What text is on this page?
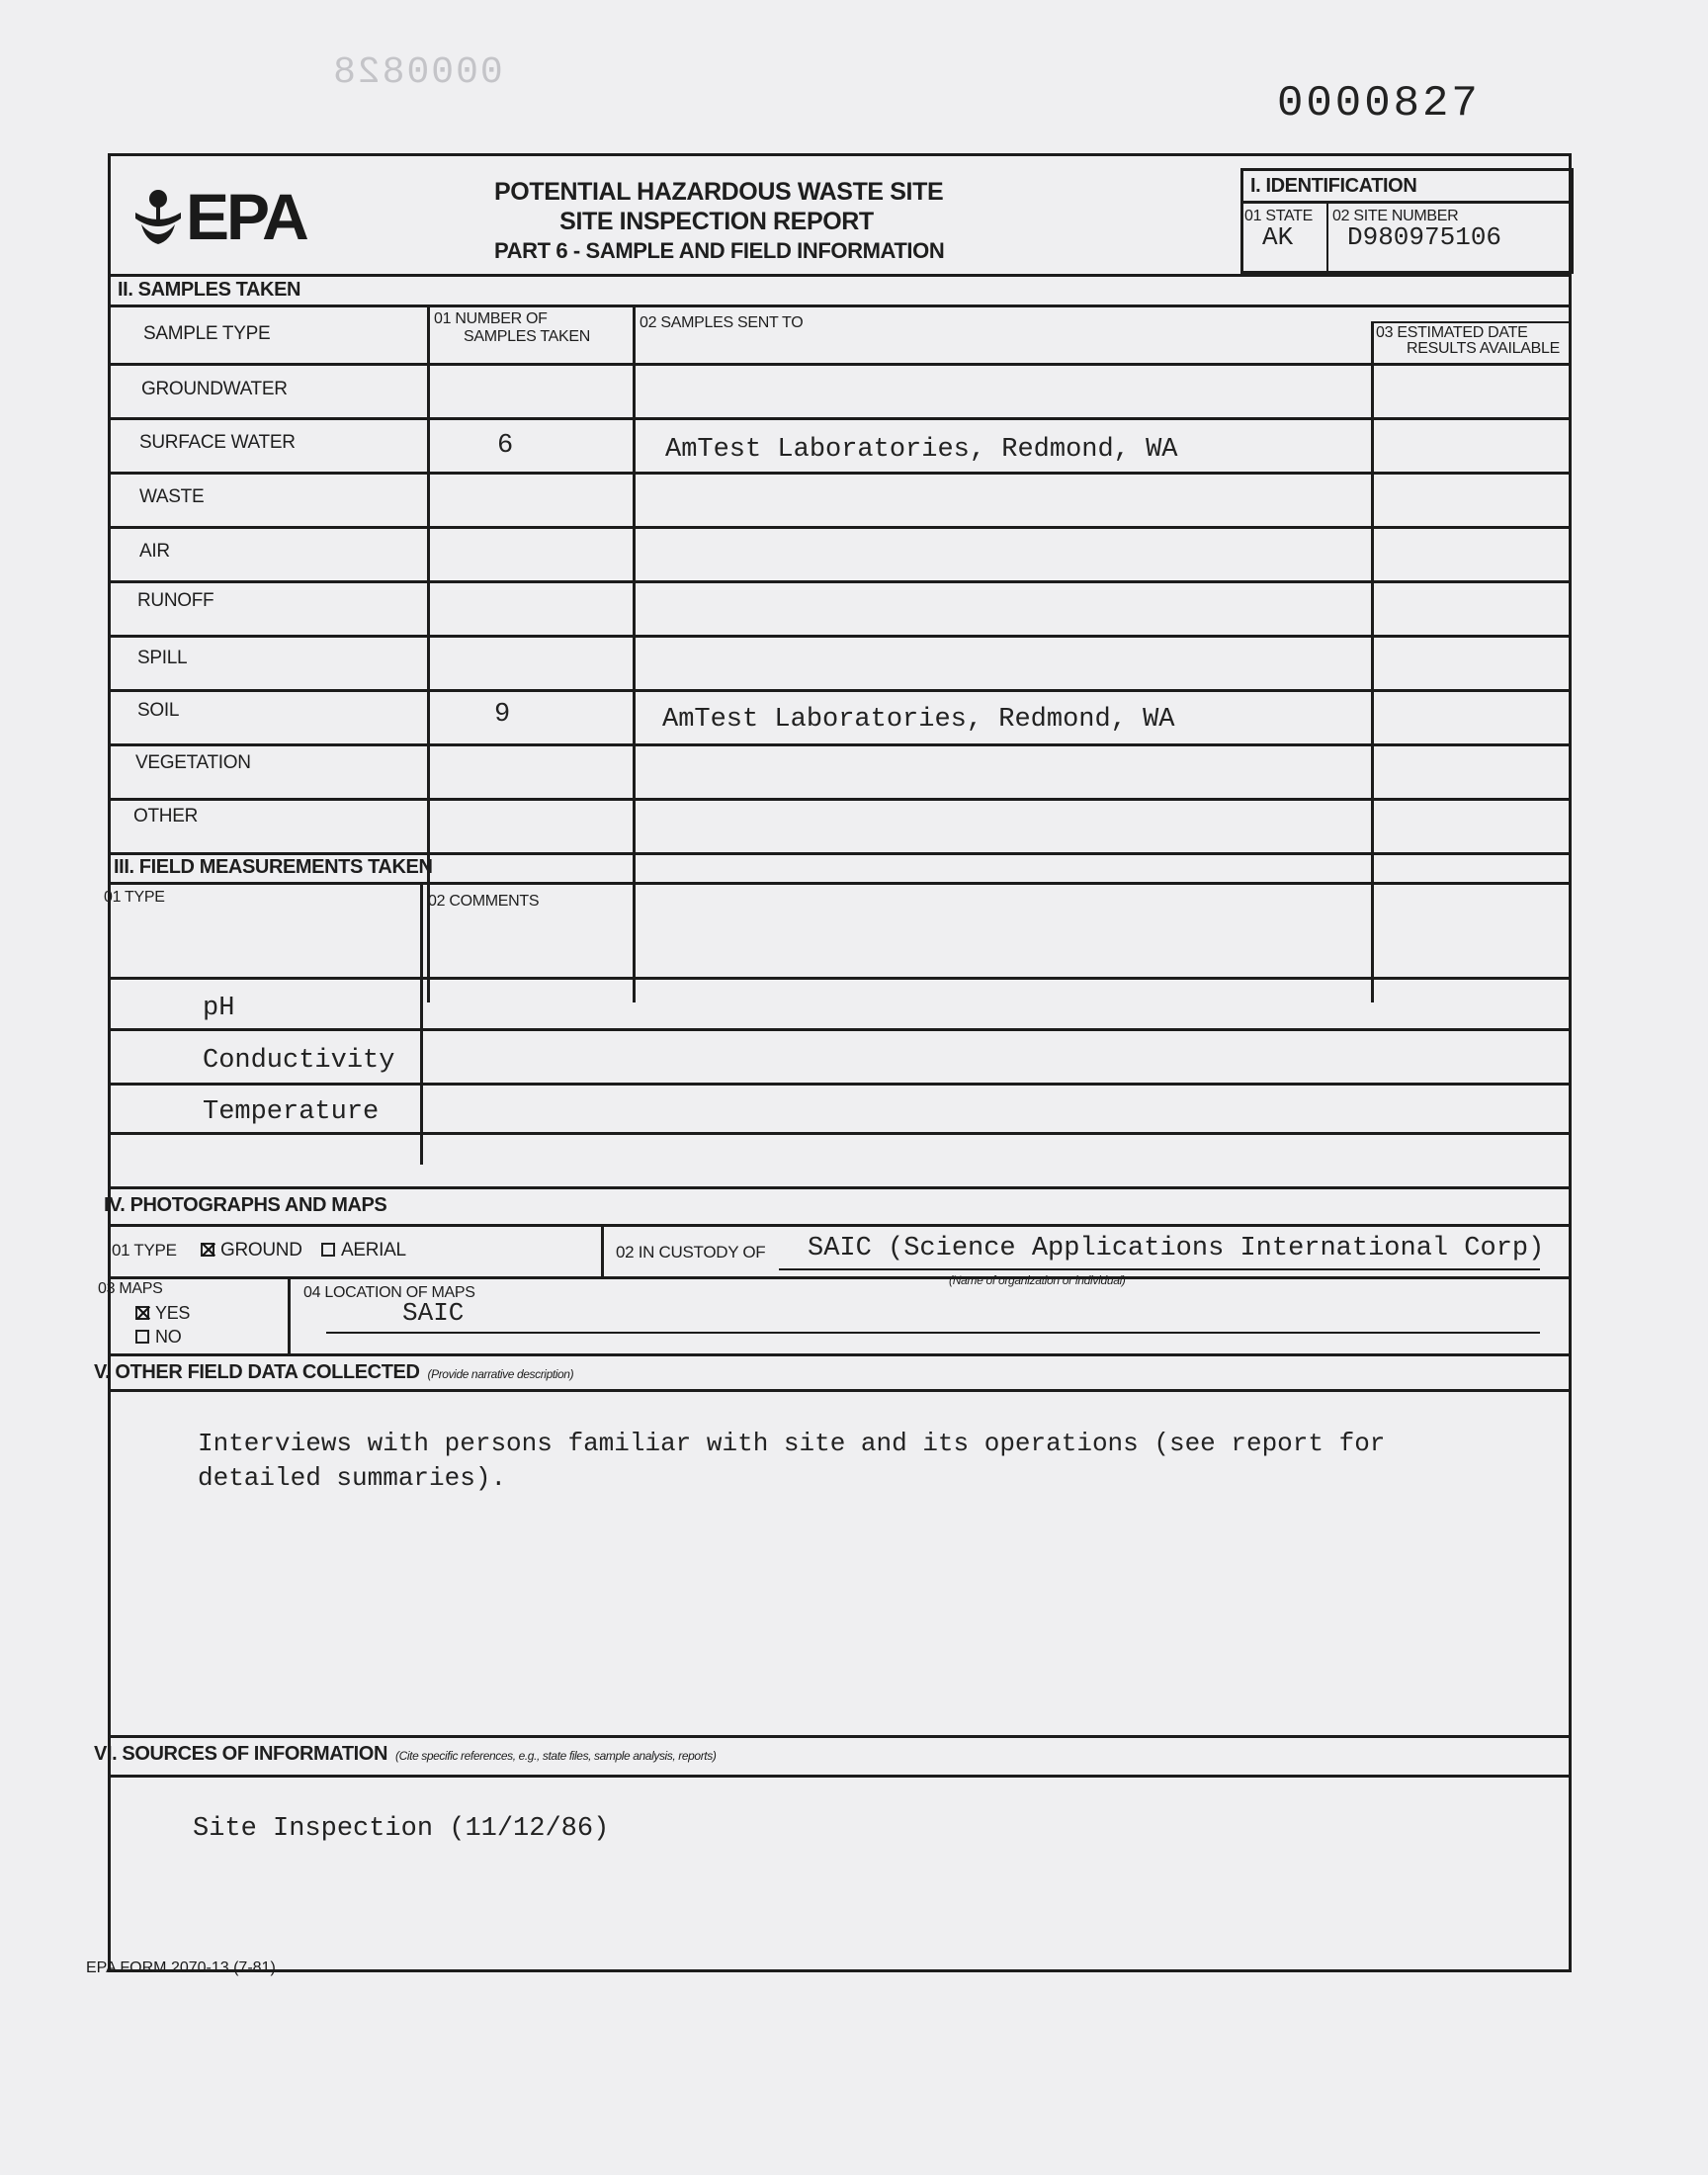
0000828
0000827
EPA	POTENTIAL HAZARDOUS WASTE SITE
SITE INSPECTION REPORT
PART 6 - SAMPLE AND FIELD INFORMATION
I. IDENTIFICATION
01 STATE
AK
02 SITE NUMBER
D980975106
II. SAMPLES TAKEN
SAMPLE TYPE
01 NUMBER OF
SAMPLES TAKEN
02 SAMPLES SENT TO
03 ESTIMATED DATE
RESULTS AVAILABLE
GROUNDWATER
SURFACE WATER	6	AmTest Laboratories, Redmond, WA
WASTE
AIR
RUNOFF
SPILL
SOIL	9	AmTest Laboratories, Redmond, WA
VEGETATION
OTHER
III. FIELD MEASUREMENTS TAKEN
01 TYPE	02 COMMENTS
pH
Conductivity
Temperature
IV. PHOTOGRAPHS AND MAPS
01 TYPE	GROUND	AERIAL	02 IN CUSTODY OF SAIC (Science Applications International Corp)
(Name of organization or individual)
03 MAPS
YES
NO
04 LOCATION OF MAPS
SAIC
V. OTHER FIELD DATA COLLECTED (Provide narrative description)
Interviews with persons familiar with site and its operations (see report for
detailed summaries).
VI. SOURCES OF INFORMATION (Cite specific references, e.g., state files, sample analysis, reports)
Site Inspection (11/12/86)
EPA FORM 2070-13 (7-81)
